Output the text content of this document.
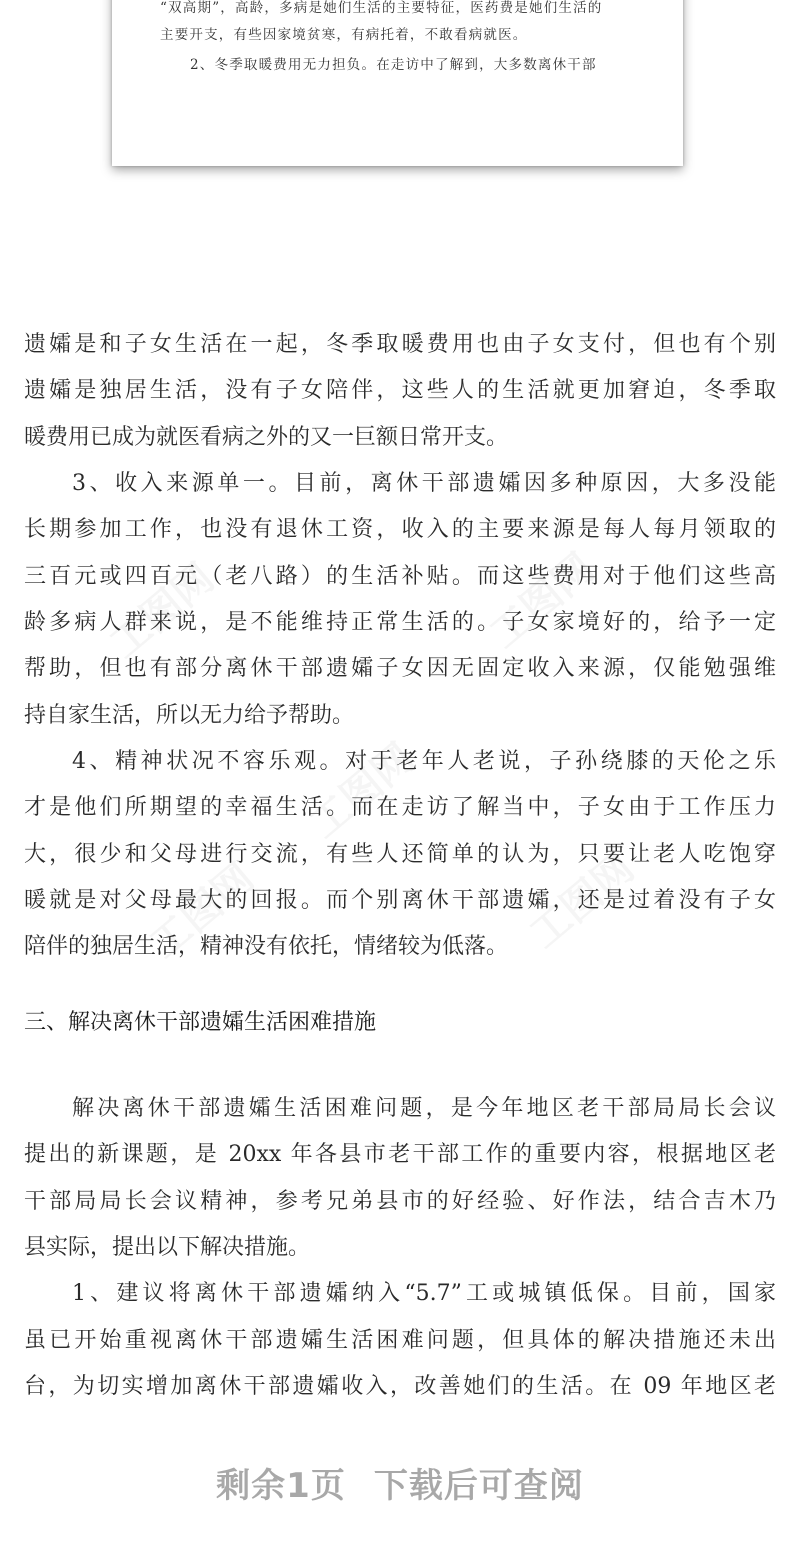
“双高期”，高龄，多病是她们生活的主要特征，医药费是她们生活的
主要开支，有些因家境贫寒，有病托着，不敢看病就医。
2、冬季取暖费用无力担负。在走访中了解到，大多数离休干部
工图网	工图网
工图网
工图网	工图网
遗孀是和子女生活在一起，冬季取暖费用也由子女支付，但也有个别
遗孀是独居生活，没有子女陪伴，这些人的生活就更加窘迫，冬季取
暖费用已成为就医看病之外的又一巨额日常开支。
3、收入来源单一。目前，离休干部遗孀因多种原因，大多没能
长期参加工作，也没有退休工资，收入的主要来源是每人每月领取的
三百元或四百元（老八路）的生活补贴。而这些费用对于他们这些高
龄多病人群来说，是不能维持正常生活的。子女家境好的，给予一定
帮助，但也有部分离休干部遗孀子女因无固定收入来源，仅能勉强维
持自家生活，所以无力给予帮助。
4、精神状况不容乐观。对于老年人老说，子孙绕膝的天伦之乐
才是他们所期望的幸福生活。而在走访了解当中，子女由于工作压力
大，很少和父母进行交流，有些人还简单的认为，只要让老人吃饱穿
暖就是对父母最大的回报。而个别离休干部遗孀，还是过着没有子女
陪伴的独居生活，精神没有依托，情绪较为低落。
三、解决离休干部遗孀生活困难措施
解决离休干部遗孀生活困难问题，是今年地区老干部局局长会议
提出的新课题，是 20xx 年各县市老干部工作的重要内容，根据地区老
干部局局长会议精神，参考兄弟县市的好经验、好作法，结合吉木乃
县实际，提出以下解决措施。
1、建议将离休干部遗孀纳入“5.7”工或城镇低保。目前，国家
虽已开始重视离休干部遗孀生活困难问题，但具体的解决措施还未出
台，为切实增加离休干部遗孀收入，改善她们的生活。在 09 年地区老
剩余1页 下载后可查阅
